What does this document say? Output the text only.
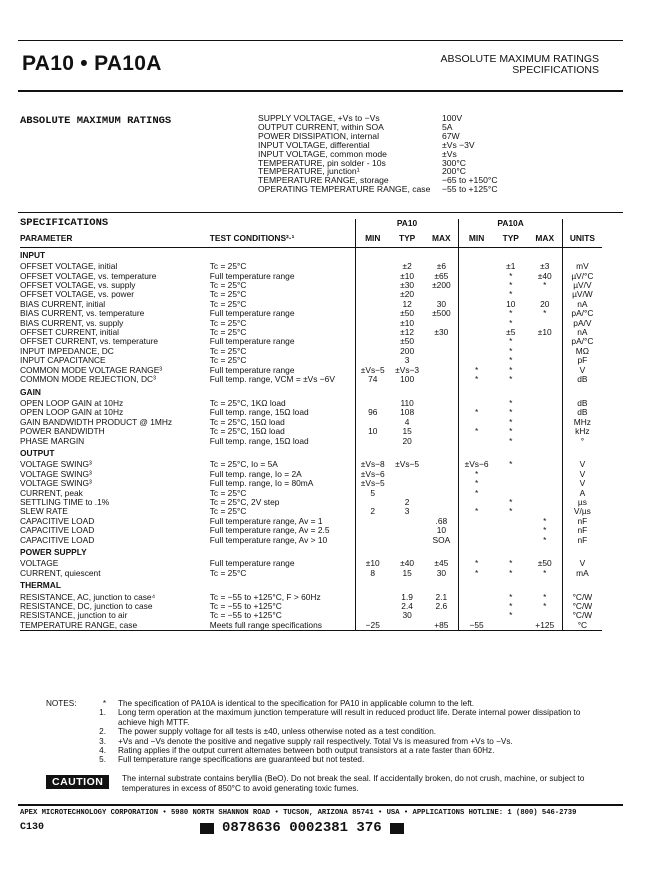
PA10 • PA10A	ABSOLUTE MAXIMUM RATINGS
SPECIFICATIONS
ABSOLUTE MAXIMUM RATINGS	SUPPLY VOLTAGE, +Vs to −Vs	100V
OUTPUT CURRENT, within SOA	5A
POWER DISSIPATION, internal	67W
INPUT VOLTAGE, differential	±Vs −3V
INPUT VOLTAGE, common mode	±Vs
TEMPERATURE, pin solder - 10s	300°C
TEMPERATURE, junction¹	200°C
TEMPERATURE RANGE, storage	−65 to +150°C
OPERATING TEMPERATURE RANGE, case	−55 to +125°C
SPECIFICATIONS		PA10			PA10A			
PARAMETER	TEST CONDITIONS²·¹	MIN	TYP	MAX	MIN	TYP	MAX	UNITS
INPUT								
OFFSET VOLTAGE, initial	Tc = 25°C		±2	±6		±1	±3	mV
OFFSET VOLTAGE, vs. temperature	Full temperature range		±10	±65		*	±40	µV/°C
OFFSET VOLTAGE, vs. supply	Tc = 25°C		±30	±200		*	*	µV/V
OFFSET VOLTAGE, vs. power	Tc = 25°C		±20			*		µV/W
BIAS CURRENT, initial	Tc = 25°C		12	30		10	20	nA
BIAS CURRENT, vs. temperature	Full temperature range		±50	±500		*	*	pA/°C
BIAS CURRENT, vs. supply	Tc = 25°C		±10			*		pA/V
OFFSET CURRENT, initial	Tc = 25°C		±12	±30		±5	±10	nA
OFFSET CURRENT, vs. temperature	Full temperature range		±50			*		pA/°C
INPUT IMPEDANCE, DC	Tc = 25°C		200			*		MΩ
INPUT CAPACITANCE	Tc = 25°C		3			*		pF
COMMON MODE VOLTAGE RANGE³	Full temperature range	±Vs−5	±Vs−3		*	*		V
COMMON MODE REJECTION, DC³	Full temp. range, VCM = ±Vs −6V	74	100		*	*		dB
GAIN								
OPEN LOOP GAIN at 10Hz	Tc = 25°C, 1KΩ load		110			*		dB
OPEN LOOP GAIN at 10Hz	Full temp. range, 15Ω load	96	108		*	*		dB
GAIN BANDWIDTH PRODUCT @ 1MHz	Tc = 25°C, 15Ω load		4			*		MHz
POWER BANDWIDTH	Tc = 25°C, 15Ω load	10	15		*	*		kHz
PHASE MARGIN	Full temp. range, 15Ω load		20			*		°
OUTPUT								
VOLTAGE SWING³	Tc = 25°C, Io = 5A	±Vs−8	±Vs−5		±Vs−6	*		V
VOLTAGE SWING³	Full temp. range, Io = 2A	±Vs−6			*			V
VOLTAGE SWING³	Full temp. range, Io = 80mA	±Vs−5			*			V
CURRENT, peak	Tc = 25°C	5			*			A
SETTLING TIME to .1%	Tc = 25°C, 2V step		2			*		µs
SLEW RATE	Tc = 25°C	2	3		*	*		V/µs
CAPACITIVE LOAD	Full temperature range, Av = 1			.68			*	nF
CAPACITIVE LOAD	Full temperature range, Av = 2.5			10			*	nF
CAPACITIVE LOAD	Full temperature range, Av > 10			SOA			*	nF
POWER SUPPLY								
VOLTAGE	Full temperature range	±10	±40	±45	*	*	±50	V
CURRENT, quiescent	Tc = 25°C	8	15	30	*	*	*	mA
THERMAL								
RESISTANCE, AC, junction to case⁴	Tc = −55 to +125°C, F > 60Hz		1.9	2.1		*	*	°C/W
RESISTANCE, DC, junction to case	Tc = −55 to +125°C		2.4	2.6		*	*	°C/W
RESISTANCE, junction to air	Tc = −55 to +125°C		30			*		°C/W
TEMPERATURE RANGE, case	Meets full range specifications	−25		+85	−55		+125	°C
NOTES:	*	The specification of PA10A is identical to the specification for PA10 in applicable column to the left.
1.	Long term operation at the maximum junction temperature will result in reduced product life. Derate internal power dissipation to achieve high MTTF.
2.	The power supply voltage for all tests is ±40, unless otherwise noted as a test condition.
3.	+Vs and −Vs denote the positive and negative supply rail respectively. Total Vs is measured from +Vs to −Vs.
4.	Rating applies if the output current alternates between both output transistors at a rate faster than 60Hz.
5.	Full temperature range specifications are guaranteed but not tested.
CAUTION	The internal substrate contains beryllia (BeO). Do not break the seal. If accidentally broken, do not crush, machine, or subject to temperatures in excess of 850°C to avoid generating toxic fumes.
APEX MICROTECHNOLOGY CORPORATION • 5980 NORTH SHANNON ROAD • TUCSON, ARIZONA 85741 • USA • APPLICATIONS HOTLINE: 1 (800) 546-2739
C130	0878636 0002381 376
